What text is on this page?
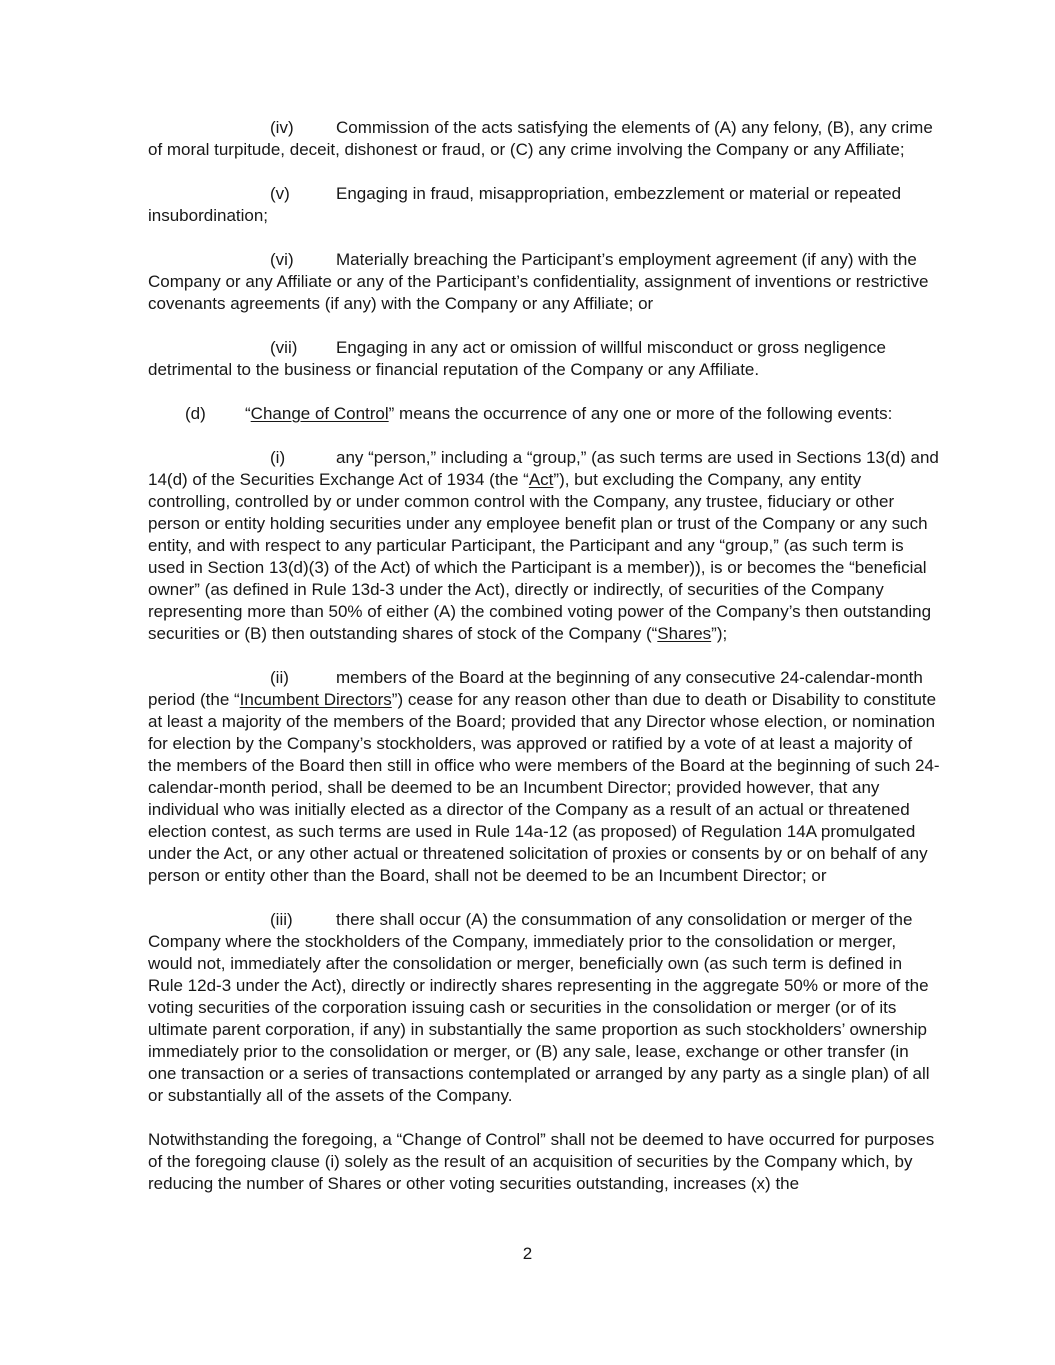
(iv) Commission of the acts satisfying the elements of (A) any felony, (B), any crime of moral turpitude, deceit, dishonest or fraud, or (C) any crime involving the Company or any Affiliate;

(v)	Engaging in fraud, misappropriation, embezzlement or material or repeated insubordination;

(vi) Materially breaching the Participant’s employment agreement (if any) with the Company or any Affiliate or any of the Participant’s confidentiality, assignment of inventions or restrictive covenants agreements (if any) with the Company or any Affiliate; or

(vii) Engaging in any act or omission of willful misconduct or gross negligence detrimental to the business or financial reputation of the Company or any Affiliate.

(d) “Change of Control” means the occurrence of any one or more of the following events:

(i)	any “person,” including a “group,” (as such terms are used in Sections 13(d) and 14(d) of the Securities Exchange Act of 1934 (the “Act”), but excluding the Company, any entity controlling, controlled by or under common control with the Company, any trustee, fiduciary or other person or entity holding securities under any employee benefit plan or trust of the Company or any such entity, and with respect to any particular Participant, the Participant and any “group,” (as such term is used in Section 13(d)(3) of the Act) of which the Participant is a member)), is or becomes the “beneficial owner” (as defined in Rule 13d-3 under the Act), directly or indirectly, of securities of the Company representing more than 50% of either (A) the combined voting power of the Company’s then outstanding securities or (B) then outstanding shares of stock of the Company (“Shares”);

(ii)	members of the Board at the beginning of any consecutive 24-calendar-month period (the “Incumbent Directors”) cease for any reason other than due to death or Disability to constitute at least a majority of the members of the Board; provided that any Director whose election, or nomination for election by the Company’s stockholders, was approved or ratified by a vote of at least a majority of the members of the Board then still in office who were members of the Board at the beginning of such 24-calendar-month period, shall be deemed to be an Incumbent Director; provided however, that any individual who was initially elected as a director of the Company as a result of an actual or threatened election contest, as such terms are used in Rule 14a-12 (as proposed) of Regulation 14A promulgated under the Act, or any other actual or threatened solicitation of proxies or consents by or on behalf of any person or entity other than the Board, shall not be deemed to be an Incumbent Director; or

(iii)	there shall occur (A) the consummation of any consolidation or merger of the Company where the stockholders of the Company, immediately prior to the consolidation or merger, would not, immediately after the consolidation or merger, beneficially own (as such term is defined in Rule 12d-3 under the Act), directly or indirectly shares representing in the aggregate 50% or more of the voting securities of the corporation issuing cash or securities in the consolidation or merger (or of its ultimate parent corporation, if any) in substantially the same proportion as such stockholders’ ownership immediately prior to the consolidation or merger, or (B) any sale, lease, exchange or other transfer (in one transaction or a series of transactions contemplated or arranged by any party as a single plan) of all or substantially all of the assets of the Company.

Notwithstanding the foregoing, a “Change of Control” shall not be deemed to have occurred for purposes of the foregoing clause (i) solely as the result of an acquisition of securities by the Company which, by reducing the number of Shares or other voting securities outstanding, increases (x) the

2
